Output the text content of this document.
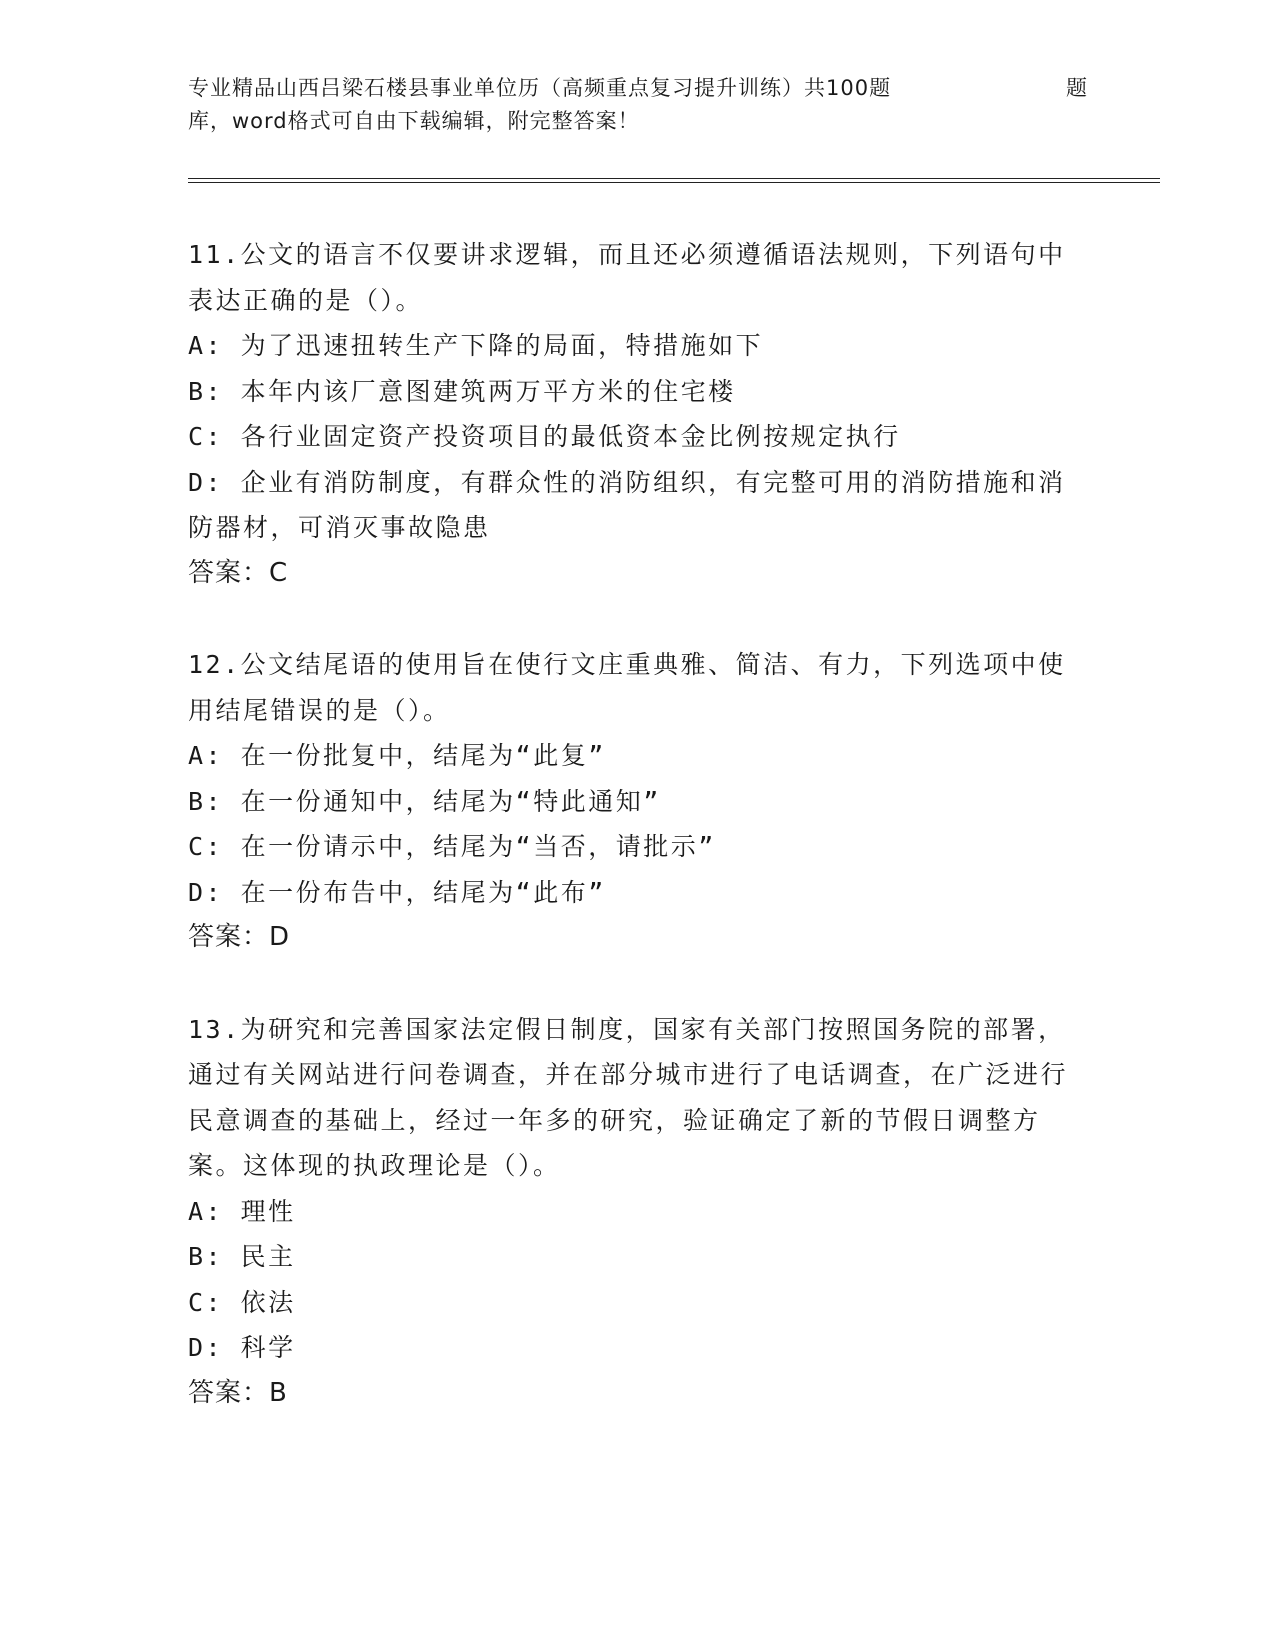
专业精品山西吕梁石楼县事业单位历（高频重点复习提升训练）共100题	题
库，word格式可自由下载编辑，附完整答案！

11.公文的语言不仅要讲求逻辑，而且还必须遵循语法规则，下列语句中表达正确的是（）。

A: 为了迅速扭转生产下降的局面，特措施如下

B: 本年内该厂意图建筑两万平方米的住宅楼

C: 各行业固定资产投资项目的最低资本金比例按规定执行

D: 企业有消防制度，有群众性的消防组织，有完整可用的消防措施和消防器材，可消灭事故隐患

答案：C

12.公文结尾语的使用旨在使行文庄重典雅、简洁、有力，下列选项中使用结尾错误的是（）。

A: 在一份批复中，结尾为“此复”

B: 在一份通知中，结尾为“特此通知”

C: 在一份请示中，结尾为“当否，请批示”

D: 在一份布告中，结尾为“此布”

答案：D

13.为研究和完善国家法定假日制度，国家有关部门按照国务院的部署，通过有关网站进行问卷调查，并在部分城市进行了电话调查，在广泛进行民意调查的基础上，经过一年多的研究，验证确定了新的节假日调整方案。这体现的执政理论是（）。

A: 理性

B: 民主

C: 依法

D: 科学

答案：B
